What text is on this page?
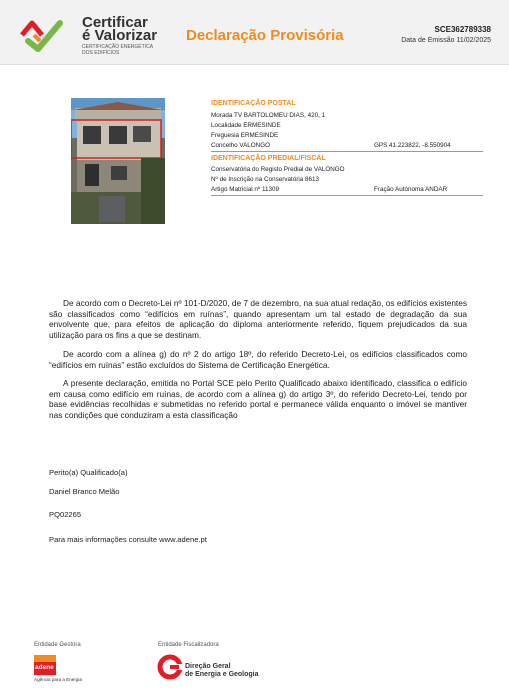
Certificar
é Valorizar
CERTIFICAÇÃO ENERGÉTICA DOS EDIFÍCIOS
Declaração Provisória	SCE362789338
Data de Emissão 11/02/2025
IDENTIFICAÇÃO POSTAL
Morada TV BARTOLOMEU DIAS, 420, 1
Localidade ERMESINDE
Freguesia ERMESINDE
Concelho VALONGO	GPS 41.223822, -8.550904
IDENTIFICAÇÃO PREDIAL/FISCAL
Conservatória do Registo Predial de VALONGO
Nº de Inscrição na Conservatória 8613
Artigo Matricial nº 11309	Fração Autónoma ANDAR
De acordo com o Decreto-Lei nº 101-D/2020, de 7 de dezembro, na sua atual redação, os edifícios existentes são classificados como “edifícios em ruínas”, quando apresentam um tal estado de degradação da sua envolvente que, para efeitos de aplicação do diploma anteriormente referido, fiquem prejudicados da sua utilização para os fins a que se destinam.
De acordo com a alínea g) do nº 2 do artigo 18º, do referido Decreto-Lei, os edifícios classificados como “edifícios em ruínas” estão excluídos do Sistema de Certificação Energética.
A presente declaração, emitida no Portal SCE pelo Perito Qualificado abaixo identificado, classifica o edifício em causa como edifício em ruínas, de acordo com a alínea g) do artigo 3º, do referido Decreto-Lei, tendo por base evidências recolhidas e submetidas no referido portal e permanece válida enquanto o imóvel se mantiver nas condições que conduziram a esta classificação
Perito(a) Qualificado(a)
Daniel Branco Melão
PQ02265
Para mais informações consulte www.adene.pt
Entidade Gestora	Entidade Fiscalizadora
adene
Agência para a Energia
Direção Geral
de Energia e Geologia
